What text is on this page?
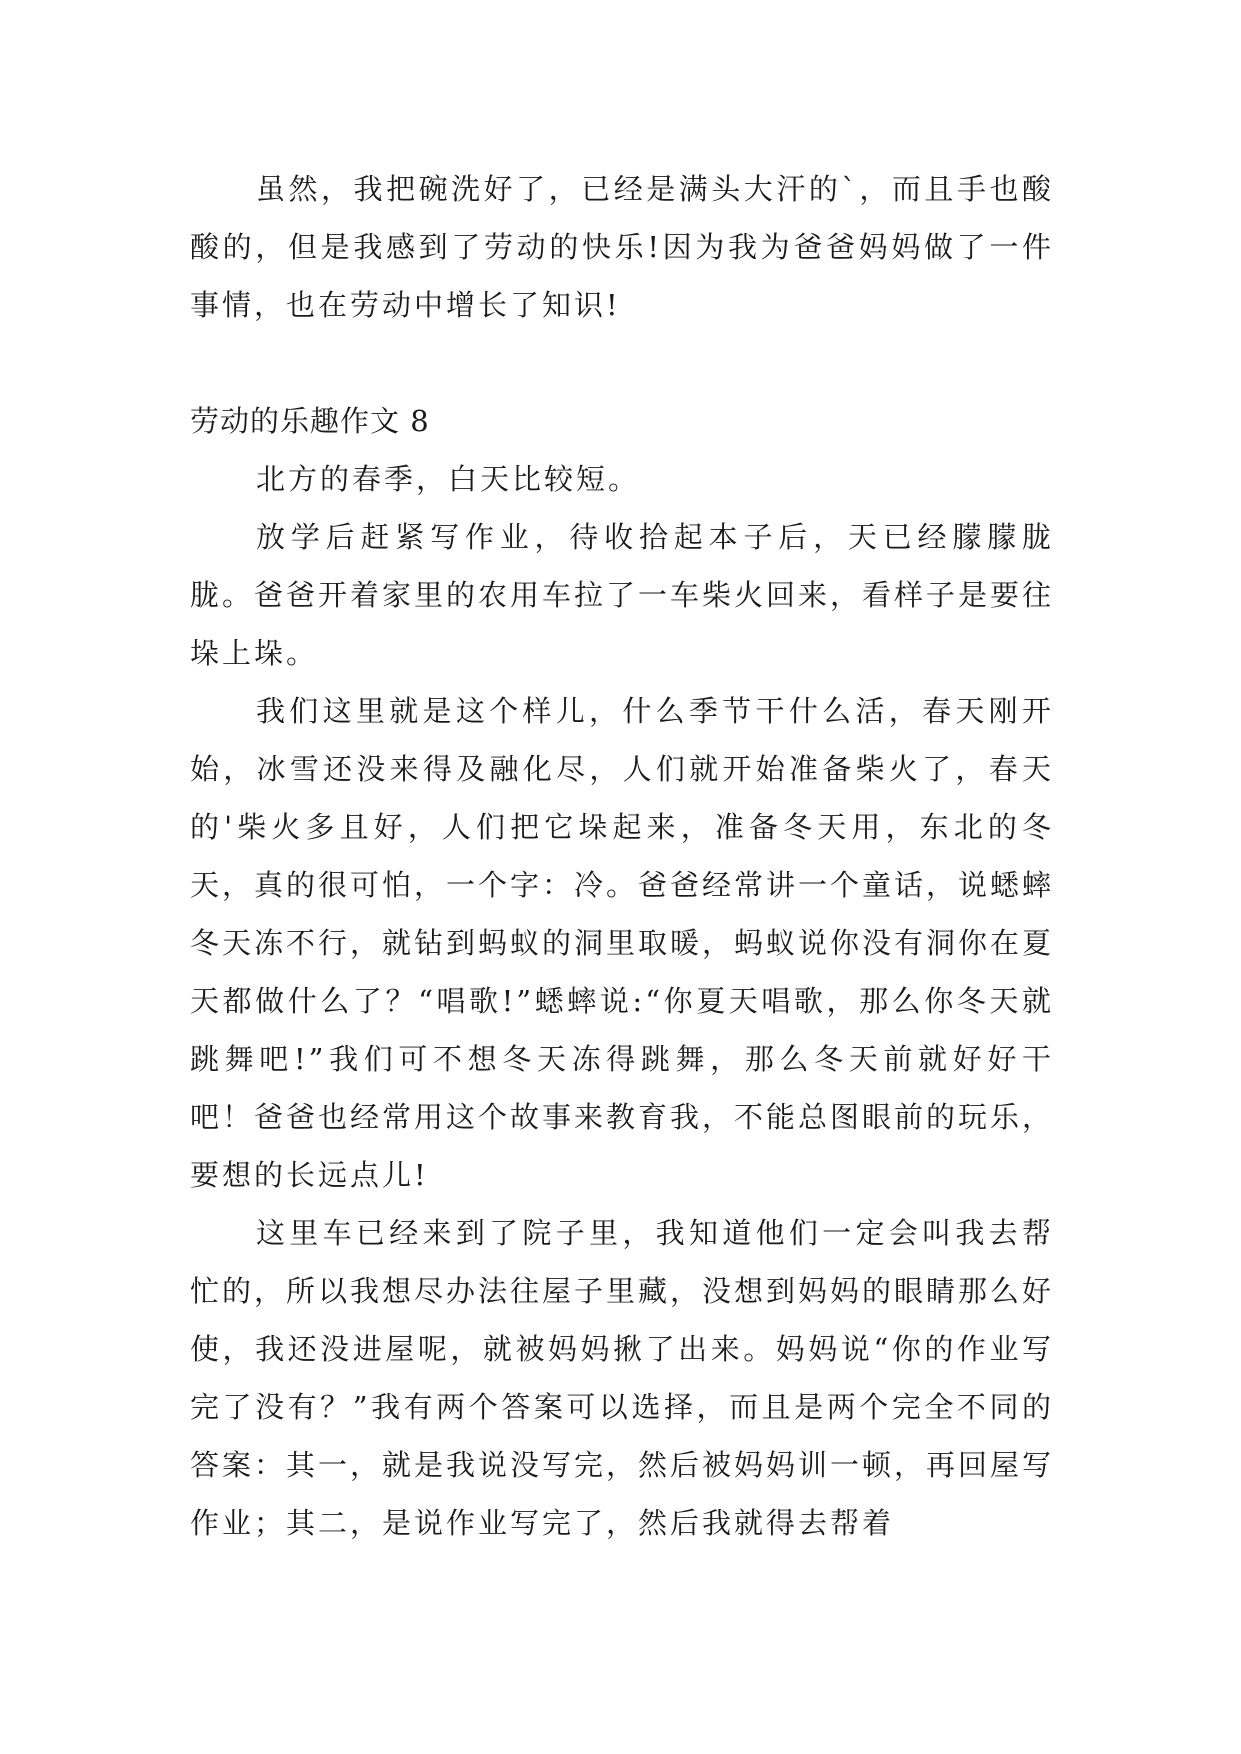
虽然，我把碗洗好了，已经是满头大汗的`，而且手也酸酸的，但是我感到了劳动的快乐!因为我为爸爸妈妈做了一件事情，也在劳动中增长了知识!

劳动的乐趣作文 8

北方的春季，白天比较短。

放学后赶紧写作业，待收拾起本子后，天已经朦朦胧胧。爸爸开着家里的农用车拉了一车柴火回来，看样子是要往垛上垛。

我们这里就是这个样儿，什么季节干什么活，春天刚开始，冰雪还没来得及融化尽，人们就开始准备柴火了，春天的'柴火多且好，人们把它垛起来，准备冬天用，东北的冬天，真的很可怕，一个字：冷。爸爸经常讲一个童话，说蟋蟀冬天冻不行，就钻到蚂蚁的洞里取暖，蚂蚁说你没有洞你在夏天都做什么了？“唱歌!”蟋蟀说:“你夏天唱歌，那么你冬天就跳舞吧!”我们可不想冬天冻得跳舞，那么冬天前就好好干吧！爸爸也经常用这个故事来教育我，不能总图眼前的玩乐，要想的长远点儿!

这里车已经来到了院子里，我知道他们一定会叫我去帮忙的，所以我想尽办法往屋子里藏，没想到妈妈的眼睛那么好使，我还没进屋呢，就被妈妈揪了出来。妈妈说“你的作业写完了没有？”我有两个答案可以选择，而且是两个完全不同的答案：其一，就是我说没写完，然后被妈妈训一顿，再回屋写作业；其二，是说作业写完了，然后我就得去帮着
